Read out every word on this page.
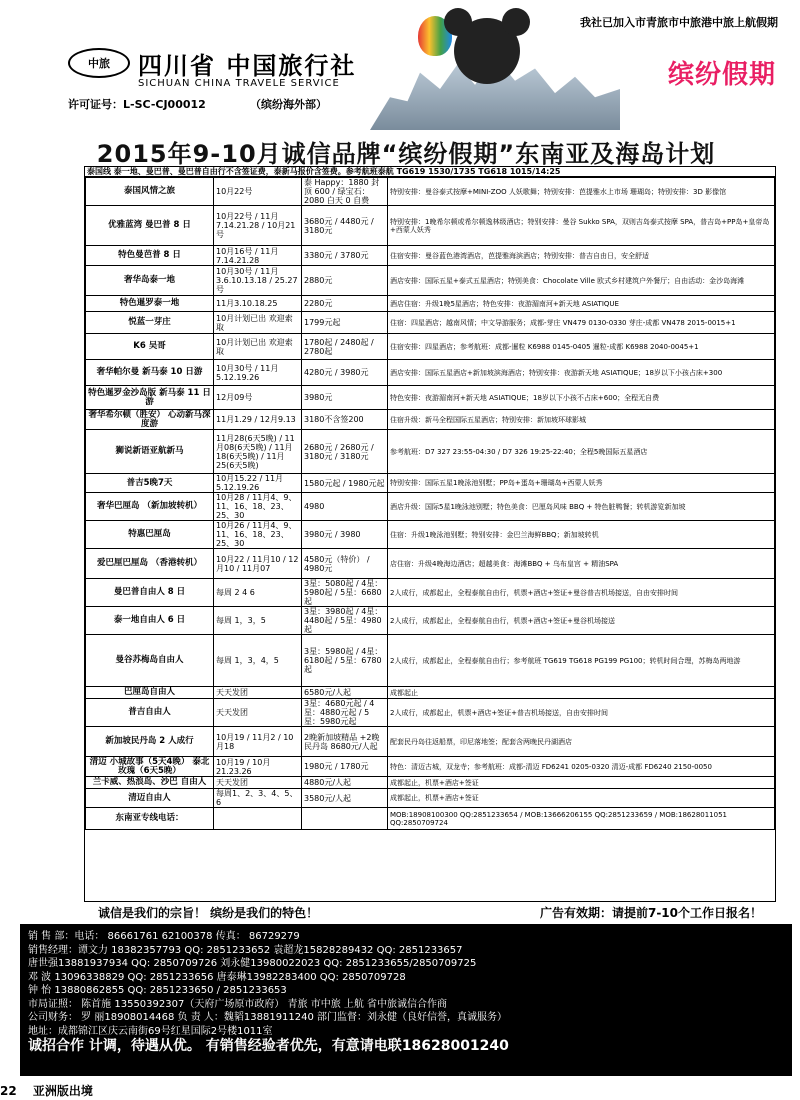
我社已加入市青旅市中旅港中旅上航假期
中旅	四川省 中国旅行社
SICHUAN CHINA TRAVELE SERVICE
许可证号：L-SC-CJ00012	（缤纷海外部）
缤纷假期
2015年9-10月诚信品牌“缤纷假期”东南亚及海岛计划
泰国线 泰一地、曼巴普、曼巴普自由行不含签证费，泰新马报价含签费。参考航班泰航 TG619 1530/1735 TG618 1015/14:25
泰国风情之旅	10月22号	泰 Happy：1880 封顶 600 / 绿宝石：2080 白天 0 自费	特别安排：曼谷泰式按摩+MINI-ZOO 人妖歌舞；特别安排：芭提雅水上市场 珊瑚岛；特别安排：3D 影像馆
优雅蓝湾 曼巴普 8 日	10月22号 / 11月7.14.21.28 / 10月21号	3680元 / 4480元 / 3180元	特别安排：1晚希尔顿或希尔顿逸林级酒店；特别安排：曼谷 Sukko SPA，双则吉岛泰式按摩 SPA，普吉岛+PP岛+皇帝岛+西蒙人妖秀
特色曼芭普 8 日	10月16号 / 11月7.14.21.28	3380元 / 3780元	住宿安排：曼谷蓝色港湾酒店，芭提雅海滨酒店；特别安排：普吉自由日，安全舒适
奢华岛泰一地	10月30号 / 11月3.6.10.13.18 / 25.27号	2880元	酒店安排：国际五星+泰式五星酒店；特别美食：Chocolate Ville 欧式乡村建筑户外餐厅；自由活动：金沙岛海滩
特色暹罗泰一地	11月3.10.18.25	2280元	酒店住宿：升级1晚5星酒店；特色安排：夜游湄南河+新天地 ASIATIQUE
悦蓝一芽庄	10月计划已出 欢迎索取	1799元起	住宿：四星酒店；越南风情；中文导游服务；成都-芽庄 VN479 0130-0330 芽庄-成都 VN478 2015-0015+1
K6 吴哥	10月计划已出 欢迎索取	1780起 / 2480起 / 2780起	住宿安排：四星酒店；参考航班：成都-暹粒 K6988 0145-0405 暹粒-成都 K6988 2040-0045+1
奢华帕尔曼 新马泰 10 日游	10月30号 / 11月5.12.19.26	4280元 / 3980元	酒店安排：国际五星酒店+新加坡滨海酒店；特别安排：夜游新天地 ASIATIQUE；18岁以下小孩占床+300
特色暹罗金沙岛版 新马泰 11 日游	12月09号	3980元	特色安排：夜游湄南河+新天地 ASIATIQUE；18岁以下小孩不占床+600；全程无自费
奢华希尔顿（胜安） 心动新马深度游	11月1.29 / 12月9.13	3180不含签200	住宿升级：新马全程国际五星酒店；特别安排：新加坡环球影城
狮说新语亚航新马	11月28(6天5晚) / 11月08(6天5晚) / 11月18(6天5晚) / 11月25(6天5晚)	2680元 / 2680元 / 3180元 / 3180元	参考航班：D7 327 23:55-04:30 / D7 326 19:25-22:40；全程5晚国际五星酒店
普吉5晚7天	10月15.22 / 11月5.12.19.26	1580元起 / 1980元起	特别安排：国际五星1晚泳池别墅；PP岛+蛋岛+珊瑚岛+西蒙人妖秀
奢华巴厘岛 （新加坡转机）	10月28 / 11月4、9、11、16、18、23、25、30	4980	酒店升级：国际5星1晚泳池别墅；特色美食：巴厘岛风味 BBQ + 特色脏鸭餐；转机游览新加坡
特惠巴厘岛	10月26 / 11月4、9、11、16、18、23、25、30	3980元 / 3980	住宿：升级1晚泳池别墅；特别安排：金巴兰海鲜BBQ；新加坡转机
爱巴厘巴厘岛 （香港转机）	10月22 / 11月10 / 12月10 / 11月07	4580元（特价） / 4980元	店住宿：升级4晚海边酒店；超越美食：海滩BBQ + 乌布皇宫 + 精油SPA
曼巴普自由人 8 日	每周 2 4 6	3星：5080起 / 4星：5980起 / 5星：6680起	2人成行，成都起止，全程泰航自由行，机票+酒店+签证+曼谷普吉机场接送，自由安排时间
泰一地自由人 6 日	每周 1，3，5	3星：3980起 / 4星：4480起 / 5星：4980起	2人成行，成都起止，全程泰航自由行，机票+酒店+签证+曼谷机场接送
曼谷苏梅岛自由人	每周 1，3，4，5	3星：5980起 / 4星：6180起 / 5星：6780起	2人成行，成都起止，全程泰航自由行；参考航班 TG619 TG618 PG199 PG100；转机时间合理，苏梅岛两地游
巴厘岛自由人	天天发团	6580元/人起	成都起止
普吉自由人	天天发团	3星：4680元起 / 4星：4880元起 / 5星：5980元起	2人成行，成都起止，机票+酒店+签证+普吉机场接送，自由安排时间
新加坡民丹岛 2 人成行	10月19 / 11月2 / 10月18	2晚新加坡精品 +2晚民丹岛 8680元/人起	配套民丹岛往返船票，印尼落地签；配套含两晚民丹湖酒店
清迈 小城故事（5天4晚） 泰北玫瑰（6天5晚）	10月19 / 10月21.23.26	1980元 / 1780元	特色：清迈古城，双龙寺；参考航班：成都-清迈 FD6241 0205-0320 清迈-成都 FD6240 2150-0050
兰卡威、热浪岛、沙巴 自由人	天天发团	4880元/人起	成都起止，机票+酒店+签证
清迈自由人	每周1、2、3、4、5、6	3580元/人起	成都起止，机票+酒店+签证
东南亚专线电话：			MOB:18908100300 QQ:2851233654 / MOB:13666206155 QQ:2851233659 / MOB:18628011051 QQ:2850709724
诚信是我们的宗旨！ 缤纷是我们的特色！	广告有效期：请提前7-10个工作日报名！
销 售 部：电话： 86661761 62100378 传真： 86729279
销售经理：谭文力 18382357793 QQ: 2851233652 袁超龙15828289432 QQ: 2851233657
唐世强13881937934 QQ: 2850709726 刘永健13980022023 QQ: 2851233655/2850709725
邓 波 13096338829 QQ: 2851233656 唐泰琳13982283400 QQ: 2850709728
钟 怡 13880862855 QQ: 2851233650 / 2851233653
市局证照： 陈首施 13550392307（天府广场原市政府） 青旅 市中旅 上航 省中旅诚信合作商
公司财务： 罗 丽18908014468 负 责 人：魏韬13881911240 部门监督：刘永健（良好信誉，真诚服务）
地址：成都锦江区庆云南街69号红星国际2号楼1011室
诚招合作 计调，待遇从优。 有销售经验者优先，有意请电联18628001240
22 亚洲版出境
